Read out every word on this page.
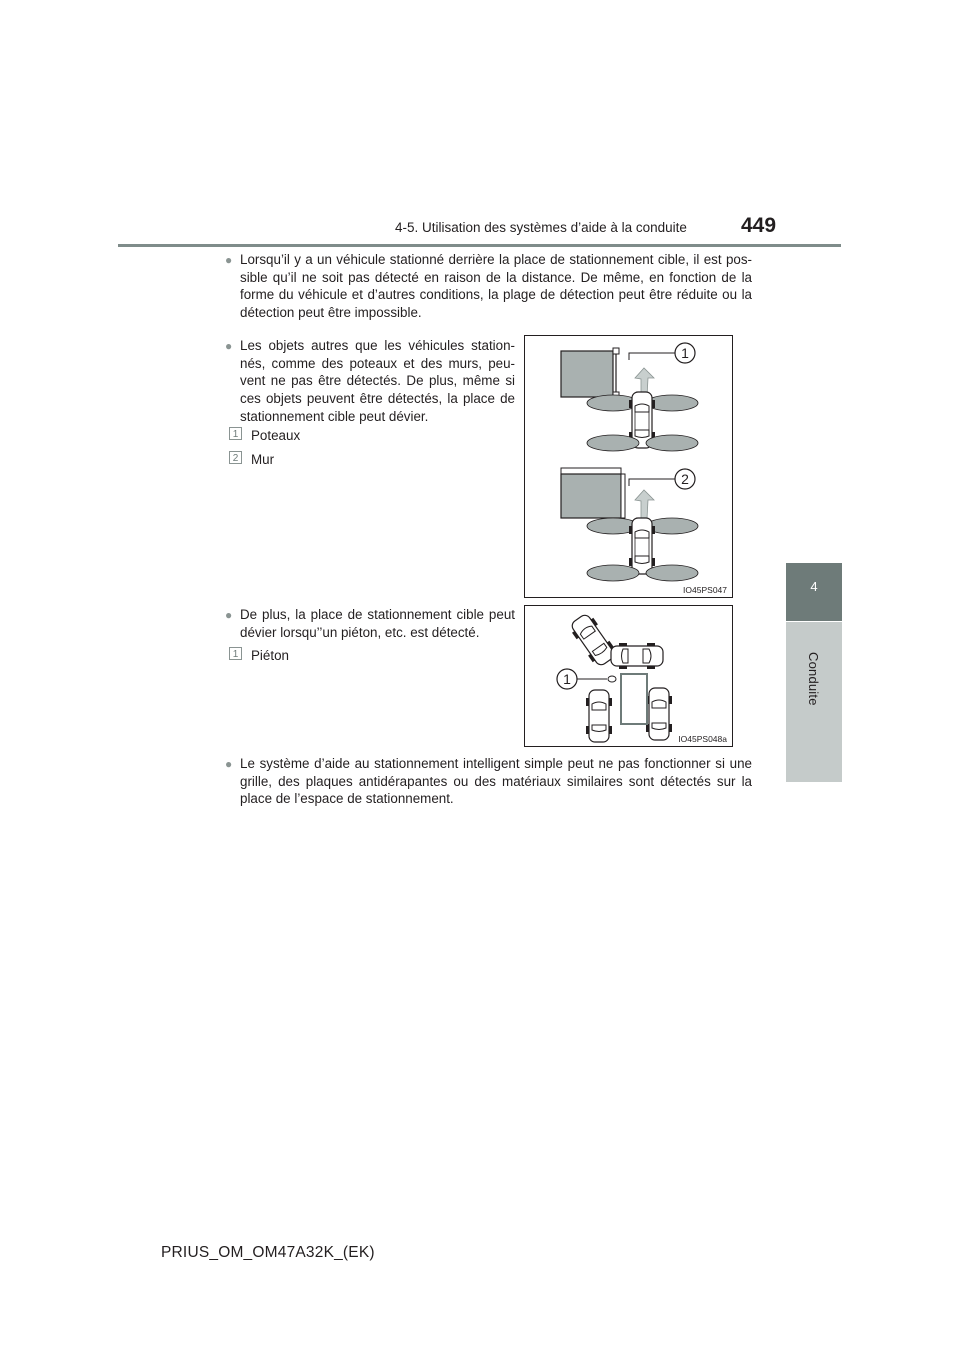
4-5. Utilisation des systèmes d’aide à la conduite	449
4
Conduite
● Lorsqu’il y a un véhicule stationné derrière la place de stationnement cible, il est pos-
sible qu’il ne soit pas détecté en raison de la distance. De même, en fonction de la
forme du véhicule et d’autres conditions, la plage de détection peut être réduite ou la
détection peut être impossible.
● Les objets autres que les véhicules station-
nés, comme des poteaux et des murs, peu-
vent ne pas être détectés. De plus, même si
ces objets peuvent être détectés, la place de
stationnement cible peut dévier.
1 Poteaux
2 Mur
1
2
IO45PS047
● De plus, la place de stationnement cible peut
dévier lorsqu’’un piéton, etc. est détecté.
1 Piéton
1
IO45PS048a
● Le système d’aide au stationnement intelligent simple peut ne pas fonctionner si une
grille, des plaques antidérapantes ou des matériaux similaires sont détectés sur la
place de l’espace de stationnement.
PRIUS_OM_OM47A32K_(EK)
